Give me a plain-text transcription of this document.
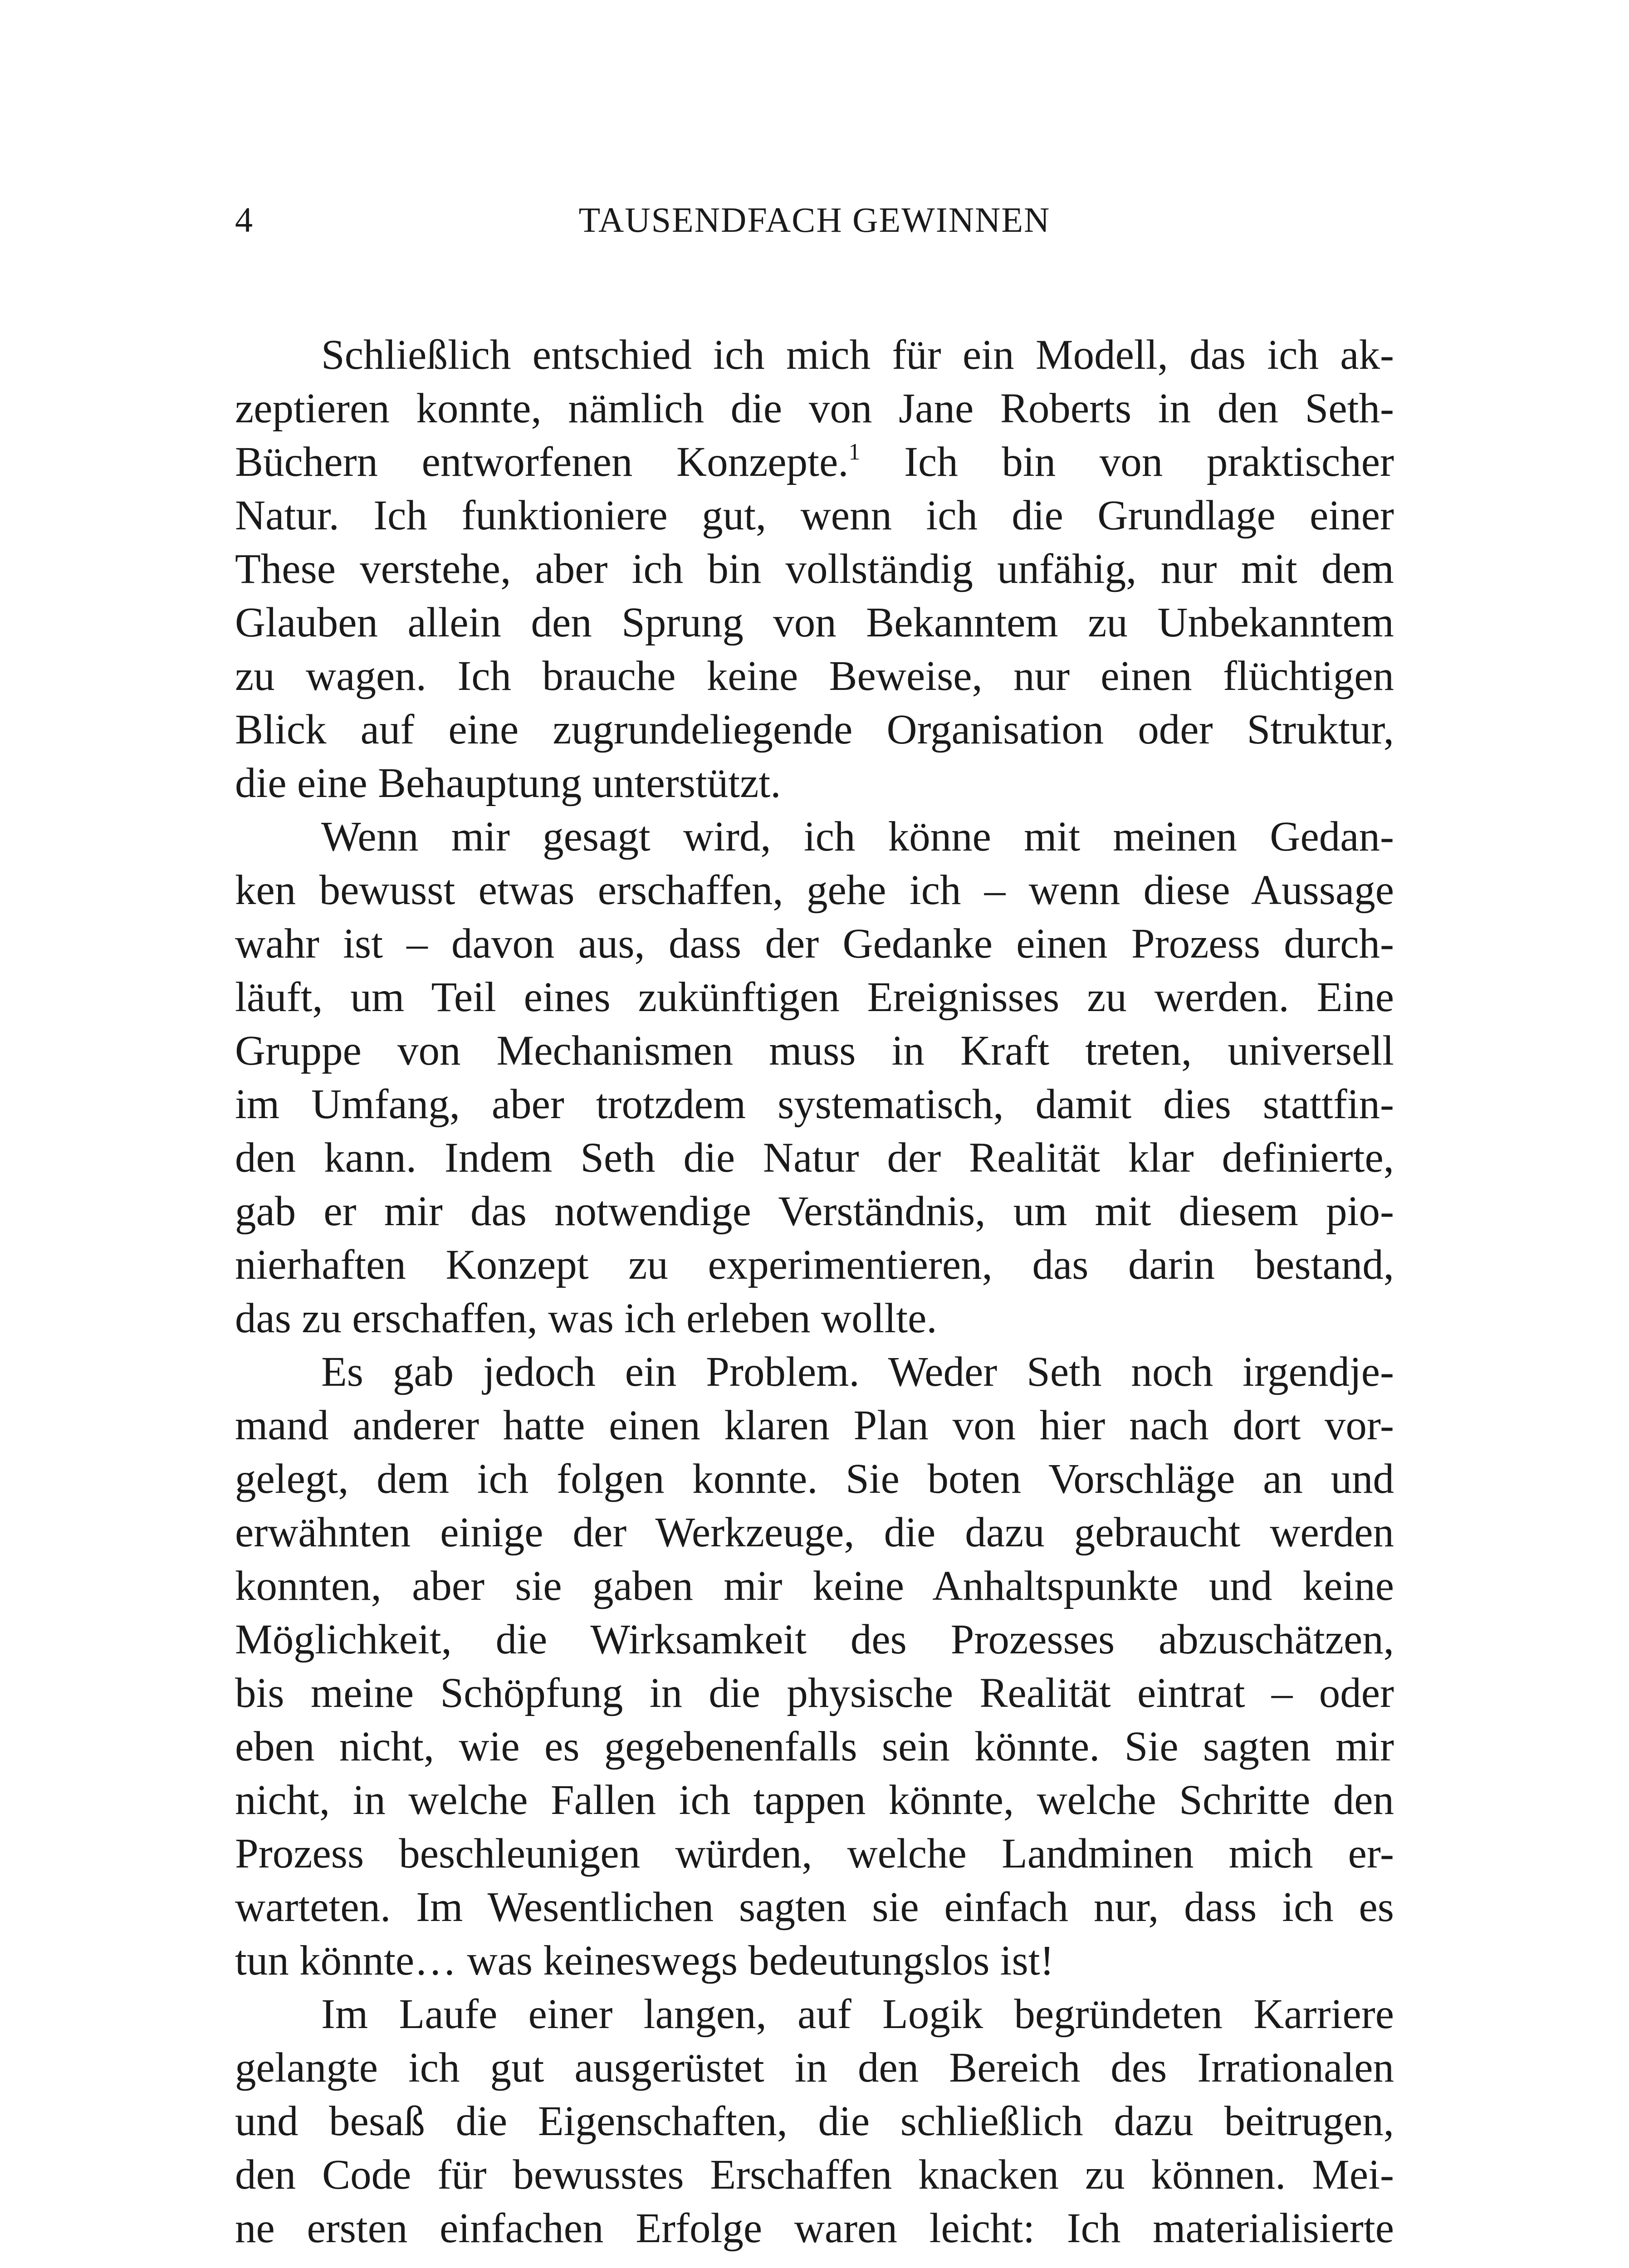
4	TAUSENDFACH GEWINNEN
Schließlich entschied ich mich für ein Modell, das ich ak-
zeptieren konnte, nämlich die von Jane Roberts in den Seth-
Büchern entworfenen Konzepte.$^1$ Ich bin von praktischer
Natur. Ich funktioniere gut, wenn ich die Grundlage einer
These verstehe, aber ich bin vollständig unfähig, nur mit dem
Glauben allein den Sprung von Bekanntem zu Unbekanntem
zu wagen. Ich brauche keine Beweise, nur einen flüchtigen
Blick auf eine zugrundeliegende Organisation oder Struktur,
die eine Behauptung unterstützt.
Wenn mir gesagt wird, ich könne mit meinen Gedan-
ken bewusst etwas erschaffen, gehe ich – wenn diese Aussage
wahr ist – davon aus, dass der Gedanke einen Prozess durch-
läuft, um Teil eines zukünftigen Ereignisses zu werden. Eine
Gruppe von Mechanismen muss in Kraft treten, universell
im Umfang, aber trotzdem systematisch, damit dies stattfin-
den kann. Indem Seth die Natur der Realität klar definierte,
gab er mir das notwendige Verständnis, um mit diesem pio-
nierhaften Konzept zu experimentieren, das darin bestand,
das zu erschaffen, was ich erleben wollte.
Es gab jedoch ein Problem. Weder Seth noch irgendje-
mand anderer hatte einen klaren Plan von hier nach dort vor-
gelegt, dem ich folgen konnte. Sie boten Vorschläge an und
erwähnten einige der Werkzeuge, die dazu gebraucht werden
konnten, aber sie gaben mir keine Anhaltspunkte und keine
Möglichkeit, die Wirksamkeit des Prozesses abzuschätzen,
bis meine Schöpfung in die physische Realität eintrat – oder
eben nicht, wie es gegebenenfalls sein könnte. Sie sagten mir
nicht, in welche Fallen ich tappen könnte, welche Schritte den
Prozess beschleunigen würden, welche Landminen mich er-
warteten. Im Wesentlichen sagten sie einfach nur, dass ich es
tun könnte… was keineswegs bedeutungslos ist!
Im Laufe einer langen, auf Logik begründeten Karriere
gelangte ich gut ausgerüstet in den Bereich des Irrationalen
und besaß die Eigenschaften, die schließlich dazu beitrugen,
den Code für bewusstes Erschaffen knacken zu können. Mei-
ne ersten einfachen Erfolge waren leicht: Ich materialisierte
